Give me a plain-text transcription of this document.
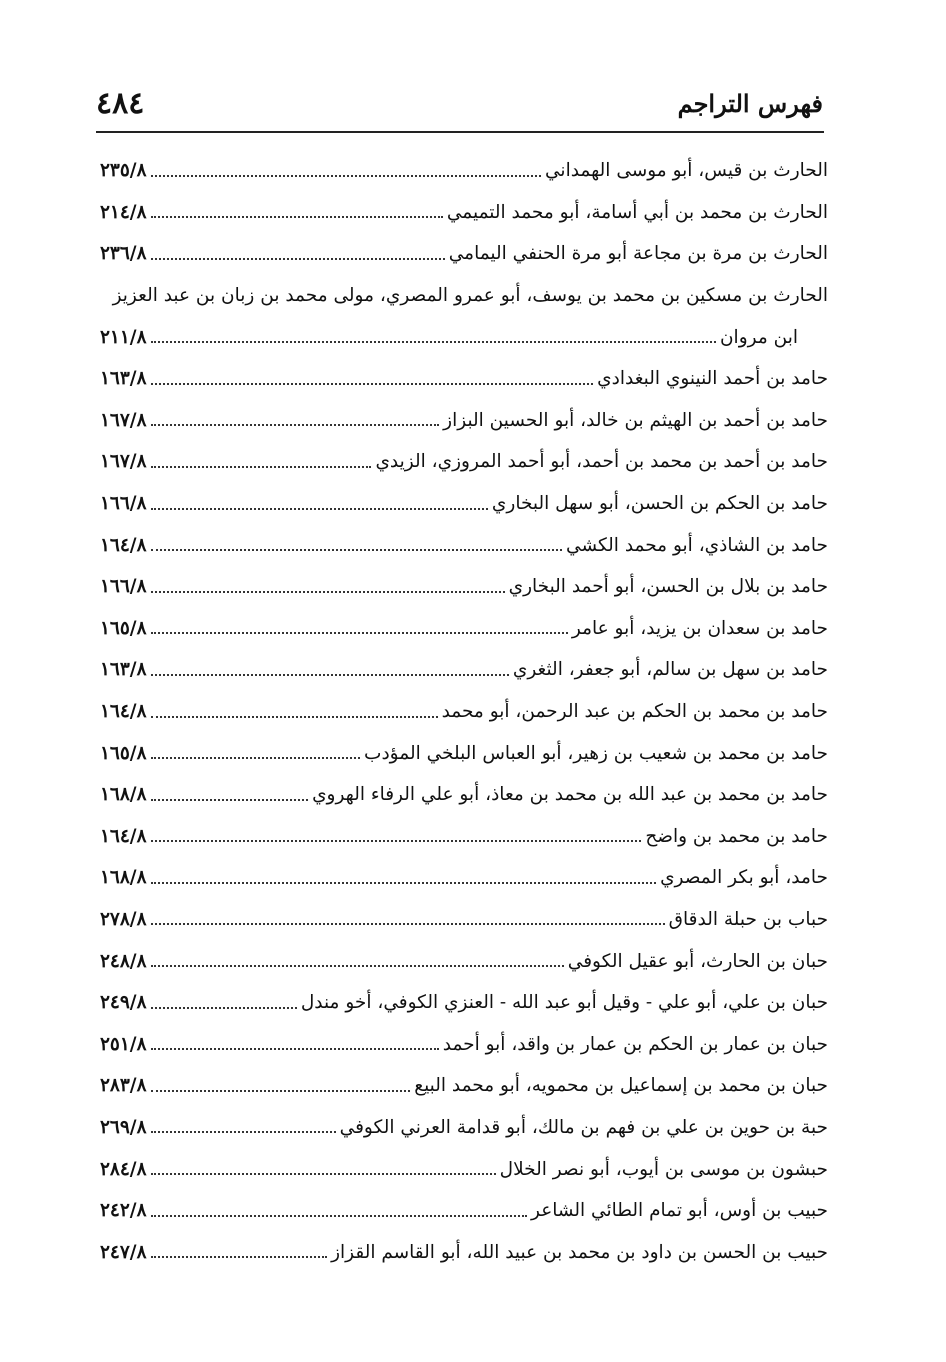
فهرس التراجم
٤٨٤
الحارث بن قيس، أبو موسى الهمداني
٢٣٥/٨
الحارث بن محمد بن أبي أسامة، أبو محمد التميمي
٢١٤/٨
الحارث بن مرة بن مجاعة أبو مرة الحنفي اليمامي
٢٣٦/٨
الحارث بن مسكين بن محمد بن يوسف، أبو عمرو المصري، مولى محمد بن زبان بن عبد العزيز
ابن مروان
٢١١/٨
حامد بن أحمد النينوي البغدادي
١٦٣/٨
حامد بن أحمد بن الهيثم بن خالد، أبو الحسين البزاز
١٦٧/٨
حامد بن أحمد بن محمد بن أحمد، أبو أحمد المروزي، الزيدي
١٦٧/٨
حامد بن الحكم بن الحسن، أبو سهل البخاري
١٦٦/٨
حامد بن الشاذي، أبو محمد الكشي
١٦٤/٨
حامد بن بلال بن الحسن، أبو أحمد البخاري
١٦٦/٨
حامد بن سعدان بن يزيد، أبو عامر
١٦٥/٨
حامد بن سهل بن سالم، أبو جعفر، الثغري
١٦٣/٨
حامد بن محمد بن الحكم بن عبد الرحمن، أبو محمد
١٦٤/٨
حامد بن محمد بن شعيب بن زهير، أبو العباس البلخي المؤدب
١٦٥/٨
حامد بن محمد بن عبد الله بن محمد بن معاذ، أبو علي الرفاء الهروي
١٦٨/٨
حامد بن محمد بن واضح
١٦٤/٨
حامد، أبو بكر المصري
١٦٨/٨
حباب بن حبلة الدقاق
٢٧٨/٨
حبان بن الحارث، أبو عقيل الكوفي
٢٤٨/٨
حبان بن علي، أبو علي - وقيل أبو عبد الله - العنزي الكوفي، أخو مندل
٢٤٩/٨
حبان بن عمار بن الحكم بن عمار بن واقد، أبو أحمد
٢٥١/٨
حبان بن محمد بن إسماعيل بن محمويه، أبو محمد البيع
٢٨٣/٨
حبة بن حوين بن علي بن فهم بن مالك، أبو قدامة العرني الكوفي
٢٦٩/٨
حبشون بن موسى بن أيوب، أبو نصر الخلال
٢٨٤/٨
حبيب بن أوس، أبو تمام الطائي الشاعر
٢٤٢/٨
حبيب بن الحسن بن داود بن محمد بن عبيد الله، أبو القاسم القزاز
٢٤٧/٨
